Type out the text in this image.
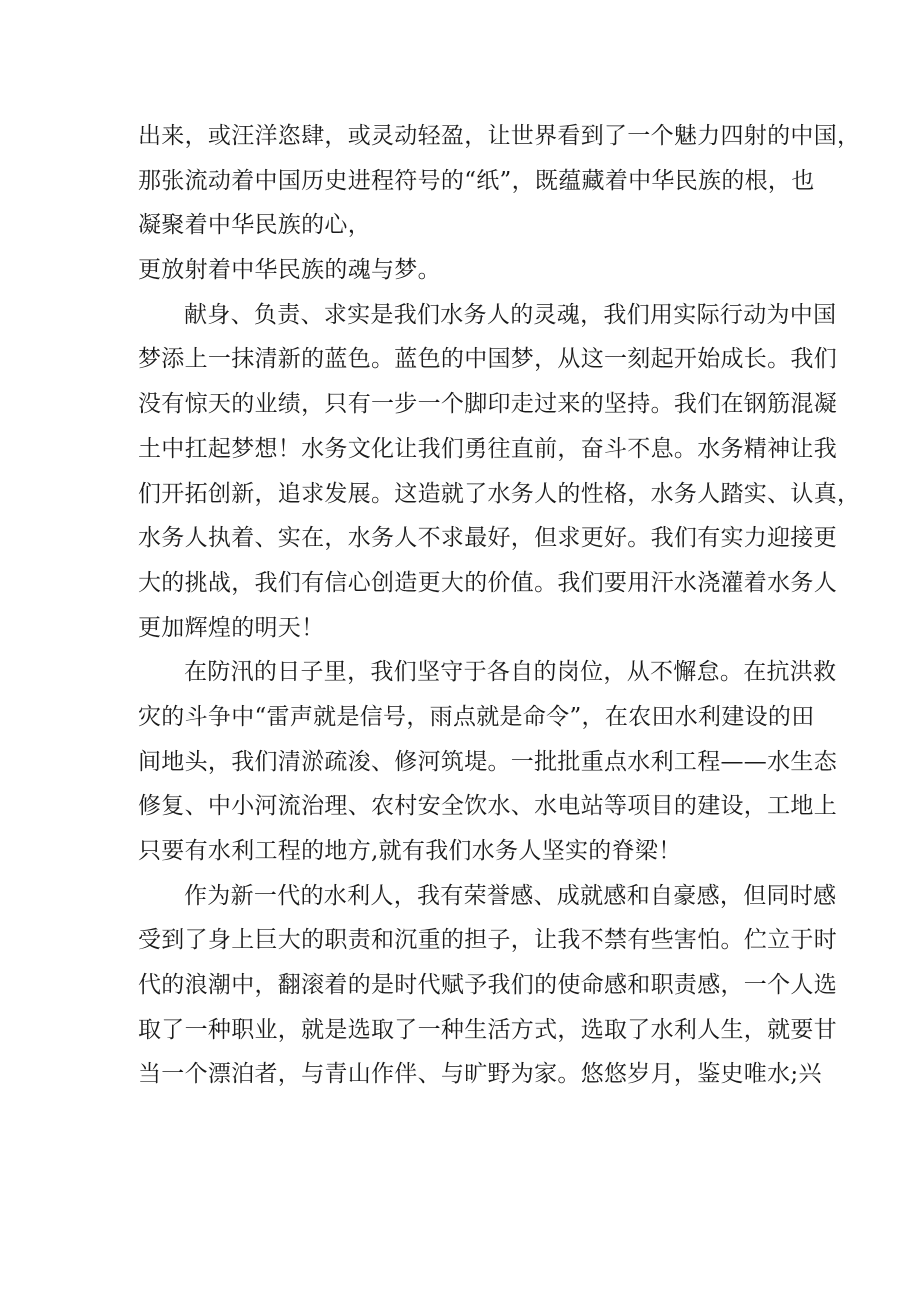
出来，或汪洋恣肆，或灵动轻盈，让世界看到了一个魅力四射的中国，
那张流动着中国历史进程符号的“纸”，既蕴藏着中华民族的根，也
凝聚着中华民族的心，
更放射着中华民族的魂与梦。
献身、负责、求实是我们水务人的灵魂，我们用实际行动为中国
梦添上一抹清新的蓝色。蓝色的中国梦，从这一刻起开始成长。我们
没有惊天的业绩，只有一步一个脚印走过来的坚持。我们在钢筋混凝
土中扛起梦想！水务文化让我们勇往直前，奋斗不息。水务精神让我
们开拓创新，追求发展。这造就了水务人的性格，水务人踏实、认真，
水务人执着、实在，水务人不求最好，但求更好。我们有实力迎接更
大的挑战，我们有信心创造更大的价值。我们要用汗水浇灌着水务人
更加辉煌的明天！
在防汛的日子里，我们坚守于各自的岗位，从不懈怠。在抗洪救
灾的斗争中“雷声就是信号，雨点就是命令”，在农田水利建设的田
间地头，我们清淤疏浚、修河筑堤。一批批重点水利工程——水生态
修复、中小河流治理、农村安全饮水、水电站等项目的建设，工地上
只要有水利工程的地方,就有我们水务人坚实的脊梁！
作为新一代的水利人，我有荣誉感、成就感和自豪感，但同时感
受到了身上巨大的职责和沉重的担子，让我不禁有些害怕。伫立于时
代的浪潮中，翻滚着的是时代赋予我们的使命感和职责感，一个人选
取了一种职业，就是选取了一种生活方式，选取了水利人生，就要甘
当一个漂泊者，与青山作伴、与旷野为家。悠悠岁月，鉴史唯水;兴
